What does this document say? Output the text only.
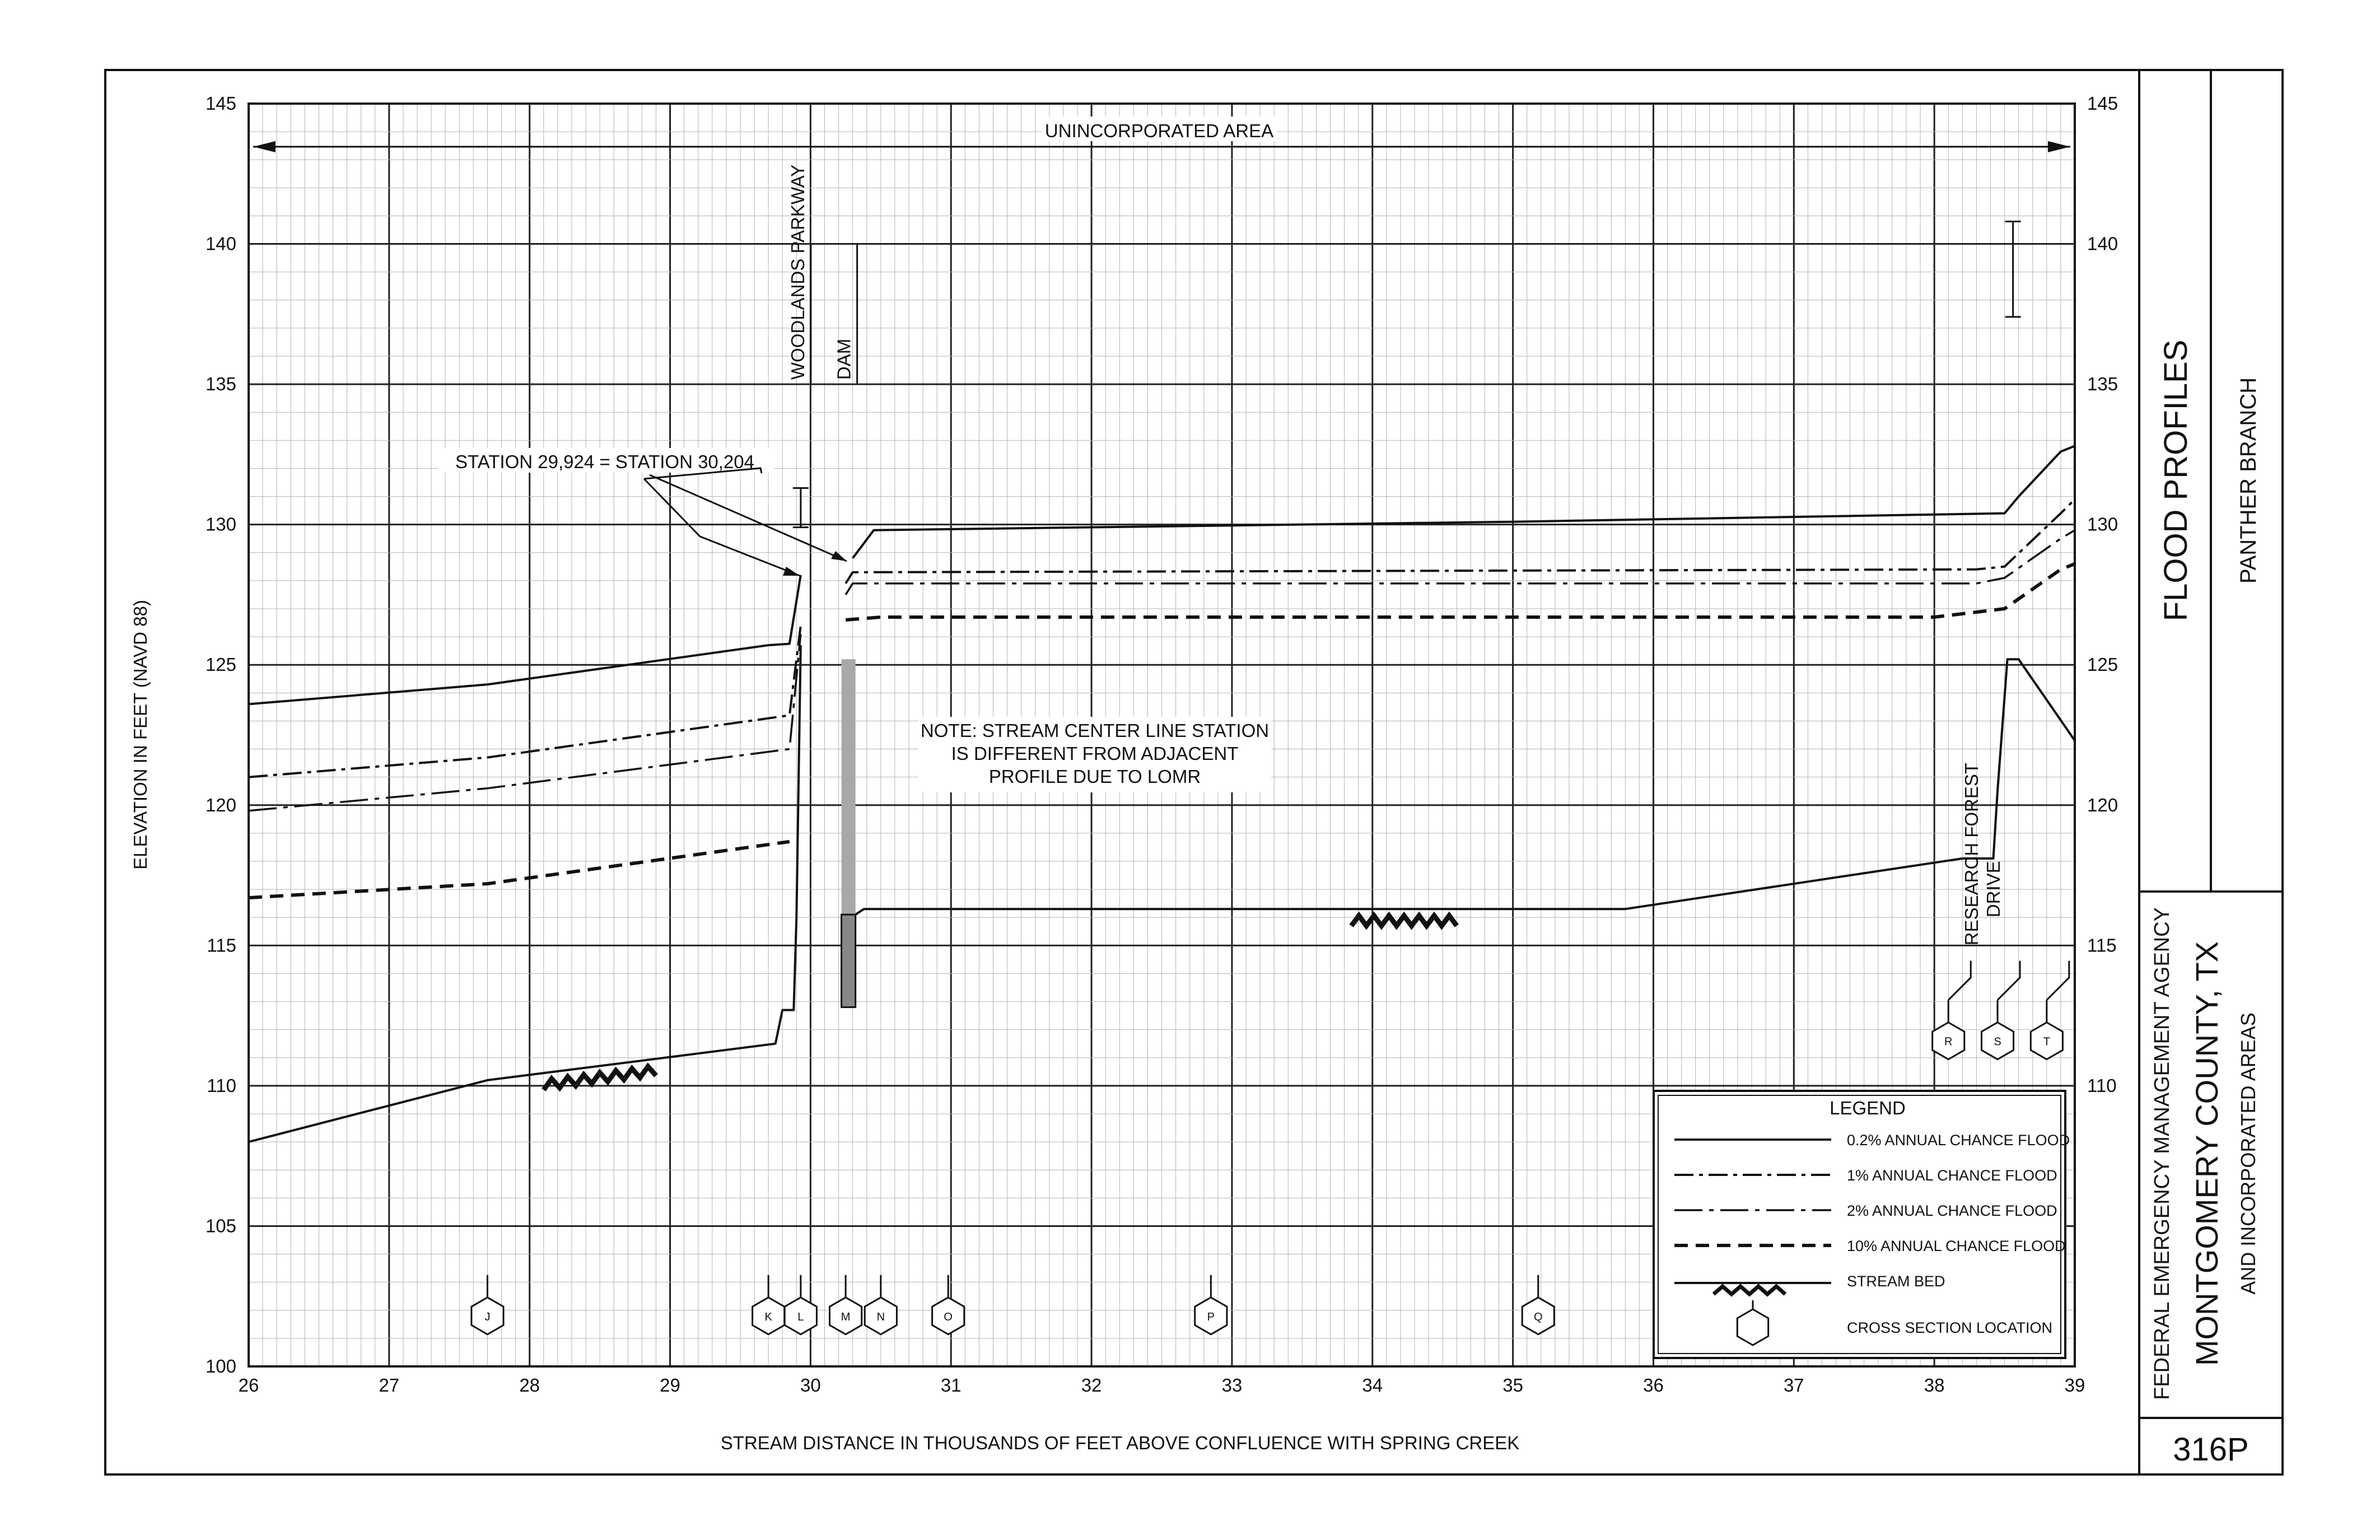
26	27	28	29	30	31	32	33	34	35	36	37	38	39
100
105
110
115
120
125
130
135
140
145
110
115
120
125
130
135
140
145
ELEVATION IN FEET (NAVD 88)
STREAM DISTANCE IN THOUSANDS OF FEET ABOVE CONFLUENCE WITH SPRING CREEK
UNINCORPORATED AREA
STATION 29,924 = STATION 30,204
NOTE: STREAM CENTER LINE STATION
IS DIFFERENT FROM ADJACENT
PROFILE DUE TO LOMR
WOODLANDS PARKWAY DAM
RESEARCH FOREST DRIVE
J	K L	M N	O	P	Q
R	S	T
LEGEND
0.2% ANNUAL CHANCE FLOOD
1% ANNUAL CHANCE FLOOD
2% ANNUAL CHANCE FLOOD
10% ANNUAL CHANCE FLOOD
STREAM BED
CROSS SECTION LOCATION
FLOOD PROFILES PANTHER BRANCH
FEDERAL EMERGENCY MANAGEMENT AGENCY MONTGOMERY COUNTY, TX AND INCORPORATED AREAS
316P
